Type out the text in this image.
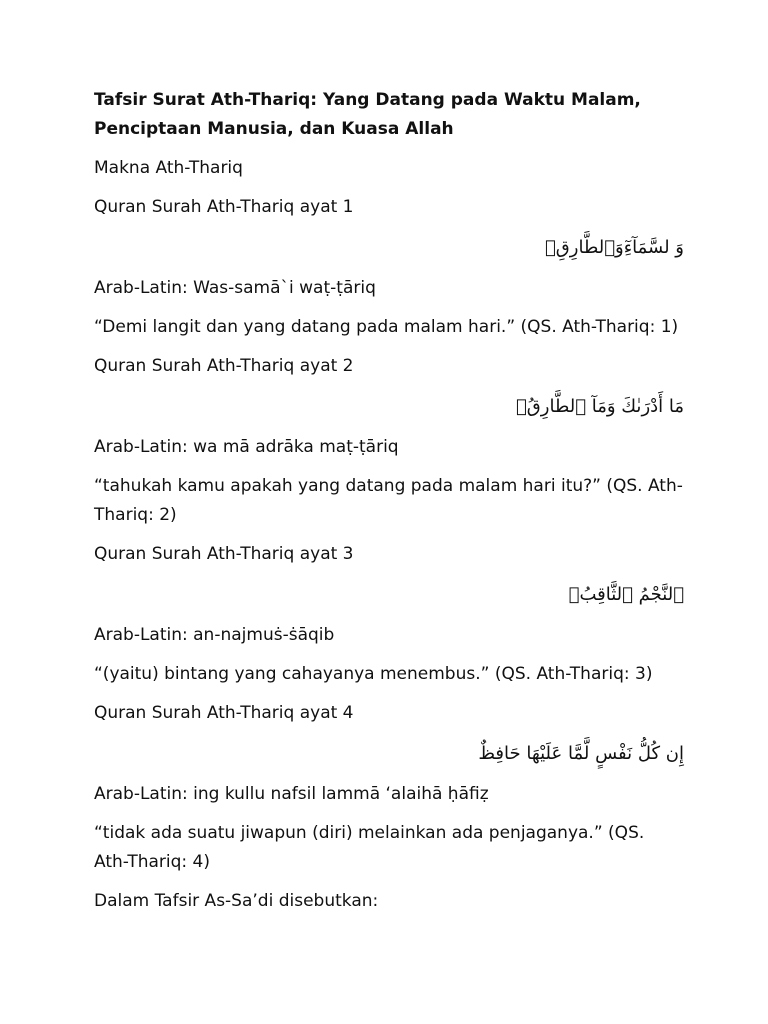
Tafsir Surat Ath-Thariq: Yang Datang pada Waktu Malam, Penciptaan Manusia, dan Kuasa Allah
Makna Ath-Thariq
Quran Surah Ath-Thariq ayat 1
وَ لسَّمَآءِٓوَٱلطَّارِقِۙ
Arab-Latin: Was-samā`i waṭ-ṭāriq
“Demi langit dan yang datang pada malam hari.” (QS. Ath-Thariq: 1)
Quran Surah Ath-Thariq ayat 2
مَا أَدْرَىٰكَ وَمَآ ٱلطَّارِقُۙ
Arab-Latin: wa mā adrāka maṭ-ṭāriq
“tahukah kamu apakah yang datang pada malam hari itu?” (QS. Ath-Thariq: 2)
Quran Surah Ath-Thariq ayat 3
ٱلنَّجْمُ ٱلثَّاقِبُۙ
Arab-Latin: an-najmuṡ-ṡāqib
“(yaitu) bintang yang cahayanya menembus.” (QS. Ath-Thariq: 3)
Quran Surah Ath-Thariq ayat 4
إِن كُلُّ نَفْسٍ لَّمَّا عَلَيْهَا حَافِظٌ
Arab-Latin: ing kullu nafsil lammā ‘alaihā ḥāfiẓ
“tidak ada suatu jiwapun (diri) melainkan ada penjaganya.” (QS. Ath-Thariq: 4)
Dalam Tafsir As-Sa’di disebutkan:
